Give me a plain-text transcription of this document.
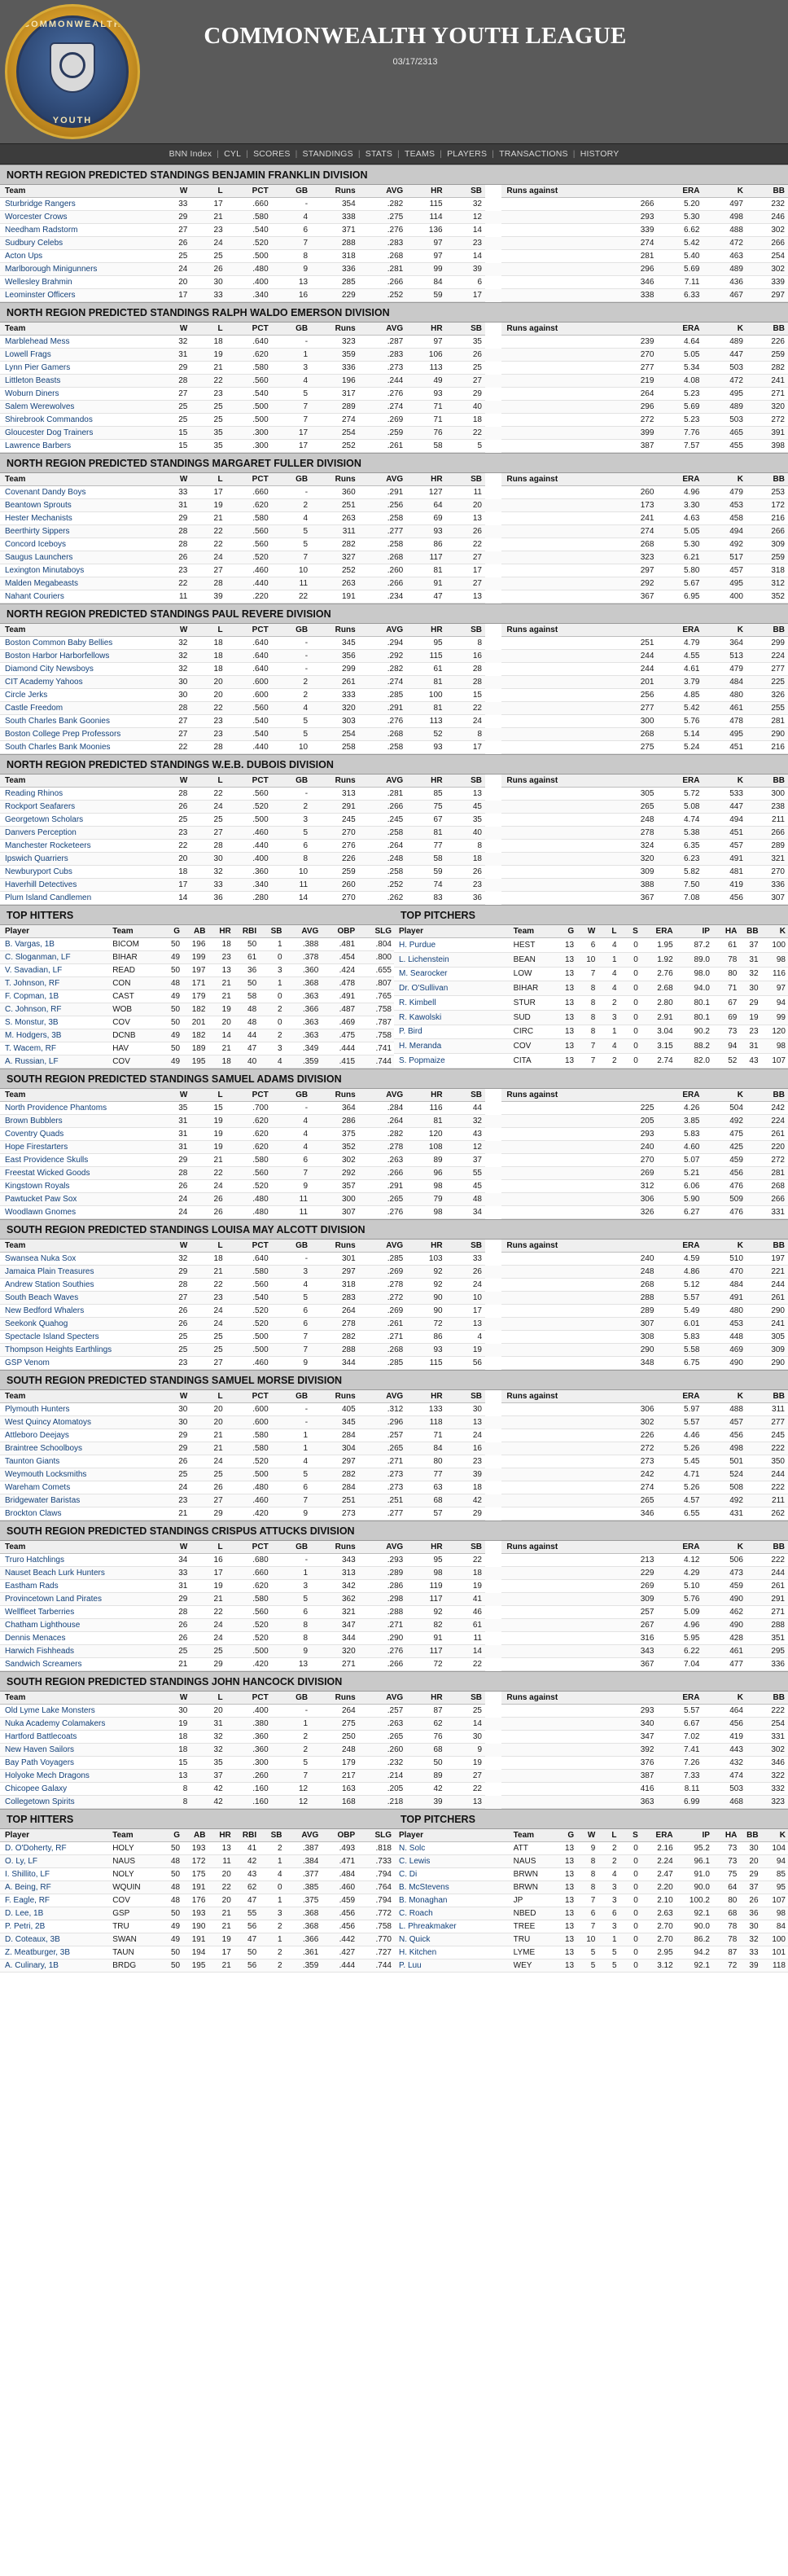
COMMONWEALTH
YOUTH
COMMONWEALTH YOUTH LEAGUE
03/17/2313
BNN Index | CYL | SCORES | STANDINGS | STATS | TEAMS | PLAYERS | TRANSACTIONS | HISTORY
NORTH REGION PREDICTED STANDINGS BENJAMIN FRANKLIN DIVISION
Team	W	L	PCT	GB	Runs	AVG	HR	SB		Runs against	ERA	K	BB
Sturbridge Rangers	33	17	.660	-	354	.282	115	32		266	5.20	497	232
Worcester Crows	29	21	.580	4	338	.275	114	12		293	5.30	498	246
Needham Radstorm	27	23	.540	6	371	.276	136	14		339	6.62	488	302
Sudbury Celebs	26	24	.520	7	288	.283	97	23		274	5.42	472	266
Acton Ups	25	25	.500	8	318	.268	97	14		281	5.40	463	254
Marlborough Minigunners	24	26	.480	9	336	.281	99	39		296	5.69	489	302
Wellesley Brahmin	20	30	.400	13	285	.266	84	6		346	7.11	436	339
Leominster Officers	17	33	.340	16	229	.252	59	17		338	6.33	467	297
NORTH REGION PREDICTED STANDINGS RALPH WALDO EMERSON DIVISION
Team	W	L	PCT	GB	Runs	AVG	HR	SB		Runs against	ERA	K	BB
Marblehead Mess	32	18	.640	-	323	.287	97	35		239	4.64	489	226
Lowell Frags	31	19	.620	1	359	.283	106	26		270	5.05	447	259
Lynn Pier Gamers	29	21	.580	3	336	.273	113	25		277	5.34	503	282
Littleton Beasts	28	22	.560	4	196	.244	49	27		219	4.08	472	241
Woburn Diners	27	23	.540	5	317	.276	93	29		264	5.23	495	271
Salem Werewolves	25	25	.500	7	289	.274	71	40		296	5.69	489	320
Shirebrook Commandos	25	25	.500	7	274	.269	71	18		272	5.23	503	272
Gloucester Dog Trainers	15	35	.300	17	254	.259	76	22		399	7.76	465	391
Lawrence Barbers	15	35	.300	17	252	.261	58	5		387	7.57	455	398
NORTH REGION PREDICTED STANDINGS MARGARET FULLER DIVISION
Team	W	L	PCT	GB	Runs	AVG	HR	SB		Runs against	ERA	K	BB
Covenant Dandy Boys	33	17	.660	-	360	.291	127	11		260	4.96	479	253
Beantown Sprouts	31	19	.620	2	251	.256	64	20		173	3.30	453	172
Hester Mechanists	29	21	.580	4	263	.258	69	13		241	4.63	458	216
Beerthirty Sippers	28	22	.560	5	311	.277	93	26		274	5.05	494	266
Concord Iceboys	28	22	.560	5	282	.258	86	22		268	5.30	492	309
Saugus Launchers	26	24	.520	7	327	.268	117	27		323	6.21	517	259
Lexington Minutaboys	23	27	.460	10	252	.260	81	17		297	5.80	457	318
Malden Megabeasts	22	28	.440	11	263	.266	91	27		292	5.67	495	312
Nahant Couriers	11	39	.220	22	191	.234	47	13		367	6.95	400	352
NORTH REGION PREDICTED STANDINGS PAUL REVERE DIVISION
Team	W	L	PCT	GB	Runs	AVG	HR	SB		Runs against	ERA	K	BB
Boston Common Baby Bellies	32	18	.640	-	345	.294	95	8		251	4.79	364	299
Boston Harbor Harborfellows	32	18	.640	-	356	.292	115	16		244	4.55	513	224
Diamond City Newsboys	32	18	.640	-	299	.282	61	28		244	4.61	479	277
CIT Academy Yahoos	30	20	.600	2	261	.274	81	28		201	3.79	484	225
Circle Jerks	30	20	.600	2	333	.285	100	15		256	4.85	480	326
Castle Freedom	28	22	.560	4	320	.291	81	22		277	5.42	461	255
South Charles Bank Goonies	27	23	.540	5	303	.276	113	24		300	5.76	478	281
Boston College Prep Professors	27	23	.540	5	254	.268	52	8		268	5.14	495	290
South Charles Bank Moonies	22	28	.440	10	258	.258	93	17		275	5.24	451	216
NORTH REGION PREDICTED STANDINGS W.E.B. DUBOIS DIVISION
Team	W	L	PCT	GB	Runs	AVG	HR	SB		Runs against	ERA	K	BB
Reading Rhinos	28	22	.560	-	313	.281	85	13		305	5.72	533	300
Rockport Seafarers	26	24	.520	2	291	.266	75	45		265	5.08	447	238
Georgetown Scholars	25	25	.500	3	245	.245	67	35		248	4.74	494	211
Danvers Perception	23	27	.460	5	270	.258	81	40		278	5.38	451	266
Manchester Rocketeers	22	28	.440	6	276	.264	77	8		324	6.35	457	289
Ipswich Quarriers	20	30	.400	8	226	.248	58	18		320	6.23	491	321
Newburyport Cubs	18	32	.360	10	259	.258	59	26		309	5.82	481	270
Haverhill Detectives	17	33	.340	11	260	.252	74	23		388	7.50	419	336
Plum Island Candlemen	14	36	.280	14	270	.262	83	36		367	7.08	456	307
TOP HITTERS	TOP PITCHERS
Player	Team	G	AB	HR	RBI	SB	AVG	OBP	SLG
B. Vargas, 1B	BICOM	50	196	18	50	1	.388	.481	.804
C. Sloganman, LF	BIHAR	49	199	23	61	0	.378	.454	.800
V. Savadian, LF	READ	50	197	13	36	3	.360	.424	.655
T. Johnson, RF	CON	48	171	21	50	1	.368	.478	.807
F. Copman, 1B	CAST	49	179	21	58	0	.363	.491	.765
C. Johnson, RF	WOB	50	182	19	48	2	.366	.487	.758
S. Monstur, 3B	COV	50	201	20	48	0	.363	.469	.787
M. Hodgers, 3B	DCNB	49	182	14	44	2	.363	.475	.758
T. Wacem, RF	HAV	50	189	21	47	3	.349	.444	.741
A. Russian, LF	COV	49	195	18	40	4	.359	.415	.744
Player	Team	G	W	L	S	ERA	IP	HA	BB	K
H. Purdue	HEST	13	6	4	0	1.95	87.2	61	37	100
L. Lichenstein	BEAN	13	10	1	0	1.92	89.0	78	31	98
M. Searocker	LOW	13	7	4	0	2.76	98.0	80	32	116
Dr. O'Sullivan	BIHAR	13	8	4	0	2.68	94.0	71	30	97
R. Kimbell	STUR	13	8	2	0	2.80	80.1	67	29	94
R. Kawolski	SUD	13	8	3	0	2.91	80.1	69	19	99
P. Bird	CIRC	13	8	1	0	3.04	90.2	73	23	120
H. Meranda	COV	13	7	4	0	3.15	88.2	94	31	98
S. Popmaize	CITA	13	7	2	0	2.74	82.0	52	43	107
SOUTH REGION PREDICTED STANDINGS SAMUEL ADAMS DIVISION
Team	W	L	PCT	GB	Runs	AVG	HR	SB		Runs against	ERA	K	BB
North Providence Phantoms	35	15	.700	-	364	.284	116	44		225	4.26	504	242
Brown Bubblers	31	19	.620	4	286	.264	81	32		205	3.85	492	224
Coventry Quads	31	19	.620	4	375	.282	120	43		293	5.83	475	261
Hope Firestarters	31	19	.620	4	352	.278	108	12		240	4.60	425	220
East Providence Skulls	29	21	.580	6	302	.263	89	37		270	5.07	459	272
Freestat Wicked Goods	28	22	.560	7	292	.266	96	55		269	5.21	456	281
Kingstown Royals	26	24	.520	9	357	.291	98	45		312	6.06	476	268
Pawtucket Paw Sox	24	26	.480	11	300	.265	79	48		306	5.90	509	266
Woodlawn Gnomes	24	26	.480	11	307	.276	98	34		326	6.27	476	331
SOUTH REGION PREDICTED STANDINGS LOUISA MAY ALCOTT DIVISION
Team	W	L	PCT	GB	Runs	AVG	HR	SB		Runs against	ERA	K	BB
Swansea Nuka Sox	32	18	.640	-	301	.285	103	33		240	4.59	510	197
Jamaica Plain Treasures	29	21	.580	3	297	.269	92	26		248	4.86	470	221
Andrew Station Southies	28	22	.560	4	318	.278	92	24		268	5.12	484	244
South Beach Waves	27	23	.540	5	283	.272	90	10		288	5.57	491	261
New Bedford Whalers	26	24	.520	6	264	.269	90	17		289	5.49	480	290
Seekonk Quahog	26	24	.520	6	278	.261	72	13		307	6.01	453	241
Spectacle Island Specters	25	25	.500	7	282	.271	86	4		308	5.83	448	305
Thompson Heights Earthlings	25	25	.500	7	288	.268	93	19		290	5.58	469	309
GSP Venom	23	27	.460	9	344	.285	115	56		348	6.75	490	290
SOUTH REGION PREDICTED STANDINGS SAMUEL MORSE DIVISION
Team	W	L	PCT	GB	Runs	AVG	HR	SB		Runs against	ERA	K	BB
Plymouth Hunters	30	20	.600	-	405	.312	133	30		306	5.97	488	311
West Quincy Atomatoys	30	20	.600	-	345	.296	118	13		302	5.57	457	277
Attleboro Deejays	29	21	.580	1	284	.257	71	24		226	4.46	456	245
Braintree Schoolboys	29	21	.580	1	304	.265	84	16		272	5.26	498	222
Taunton Giants	26	24	.520	4	297	.271	80	23		273	5.45	501	350
Weymouth Locksmiths	25	25	.500	5	282	.273	77	39		242	4.71	524	244
Wareham Comets	24	26	.480	6	284	.273	63	18		274	5.26	508	222
Bridgewater Baristas	23	27	.460	7	251	.251	68	42		265	4.57	492	211
Brockton Claws	21	29	.420	9	273	.277	57	29		346	6.55	431	262
SOUTH REGION PREDICTED STANDINGS CRISPUS ATTUCKS DIVISION
Team	W	L	PCT	GB	Runs	AVG	HR	SB		Runs against	ERA	K	BB
Truro Hatchlings	34	16	.680	-	343	.293	95	22		213	4.12	506	222
Nauset Beach Lurk Hunters	33	17	.660	1	313	.289	98	18		229	4.29	473	244
Eastham Rads	31	19	.620	3	342	.286	119	19		269	5.10	459	261
Provincetown Land Pirates	29	21	.580	5	362	.298	117	41		309	5.76	490	291
Wellfleet Tarberries	28	22	.560	6	321	.288	92	46		257	5.09	462	271
Chatham Lighthouse	26	24	.520	8	347	.271	82	61		267	4.96	490	288
Dennis Menaces	26	24	.520	8	344	.290	91	11		316	5.95	428	351
Harwich Fishheads	25	25	.500	9	320	.276	117	14		343	6.22	461	295
Sandwich Screamers	21	29	.420	13	271	.266	72	22		367	7.04	477	336
SOUTH REGION PREDICTED STANDINGS JOHN HANCOCK DIVISION
Team	W	L	PCT	GB	Runs	AVG	HR	SB		Runs against	ERA	K	BB
Old Lyme Lake Monsters	30	20	.400	-	264	.257	87	25		293	5.57	464	222
Nuka Academy Colamakers	19	31	.380	1	275	.263	62	14		340	6.67	456	254
Hartford Battlecoats	18	32	.360	2	250	.265	76	30		347	7.02	419	331
New Haven Sailors	18	32	.360	2	248	.260	68	9		392	7.41	443	302
Bay Path Voyagers	15	35	.300	5	179	.232	50	19		376	7.26	432	346
Holyoke Mech Dragons	13	37	.260	7	217	.214	89	27		387	7.33	474	322
Chicopee Galaxy	8	42	.160	12	163	.205	42	22		416	8.11	503	332
Collegetown Spirits	8	42	.160	12	168	.218	39	13		363	6.99	468	323
TOP HITTERS	TOP PITCHERS
Player	Team	G	AB	HR	RBI	SB	AVG	OBP	SLG
D. O'Doherty, RF	HOLY	50	193	13	41	2	.387	.493	.818
O. Ly, LF	NAUS	48	172	11	42	1	.384	.471	.733
I. Shillito, LF	NOLY	50	175	20	43	4	.377	.484	.794
A. Being, RF	WQUIN	48	191	22	62	0	.385	.460	.764
F. Eagle, RF	COV	48	176	20	47	1	.375	.459	.794
D. Lee, 1B	GSP	50	193	21	55	3	.368	.456	.772
P. Petri, 2B	TRU	49	190	21	56	2	.368	.456	.758
D. Coteaux, 3B	SWAN	49	191	19	47	1	.366	.442	.770
Z. Meatburger, 3B	TAUN	50	194	17	50	2	.361	.427	.727
A. Culinary, 1B	BRDG	50	195	21	56	2	.359	.444	.744
Player	Team	G	W	L	S	ERA	IP	HA	BB	K
N. Solc	ATT	13	9	2	0	2.16	95.2	73	30	104
C. Lewis	NAUS	13	8	2	0	2.24	96.1	73	20	94
C. Di	BRWN	13	8	4	0	2.47	91.0	75	29	85
B. McStevens	BRWN	13	8	3	0	2.20	90.0	64	37	95
B. Monaghan	JP	13	7	3	0	2.10	100.2	80	26	107
C. Roach	NBED	13	6	6	0	2.63	92.1	68	36	98
L. Phreakmaker	TREE	13	7	3	0	2.70	90.0	78	30	84
N. Quick	TRU	13	10	1	0	2.70	86.2	78	32	100
H. Kitchen	LYME	13	5	5	0	2.95	94.2	87	33	101
P. Luu	WEY	13	5	5	0	3.12	92.1	72	39	118
